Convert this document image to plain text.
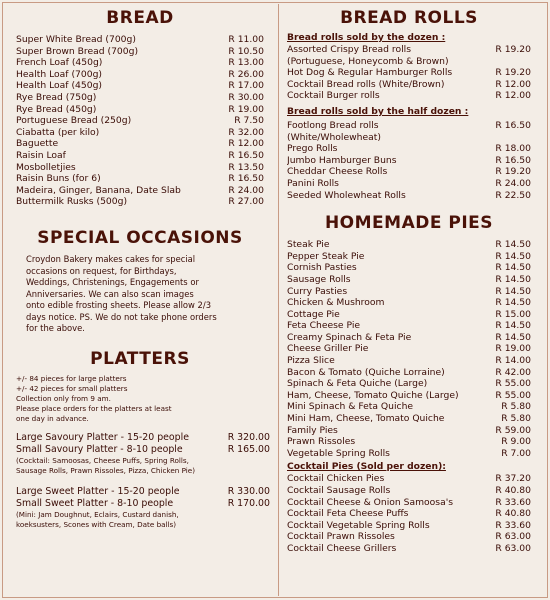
BREAD
Super White Bread (700g)	R 11.00
Super Brown Bread (700g)	R 10.50
French Loaf (450g)	R 13.00
Health Loaf (700g)	R 26.00
Health Loaf (450g)	R 17.00
Rye Bread (750g)	R 30.00
Rye Bread (450g)	R 19.00
Portuguese Bread (250g)	R 7.50
Ciabatta (per kilo)	R 32.00
Baguette	R 12.00
Raisin Loaf	R 16.50
Mosbolletjies	R 13.50
Raisin Buns (for 6)	R 16.50
Madeira, Ginger, Banana, Date Slab	R 24.00
Buttermilk Rusks (500g)	R 27.00
SPECIAL OCCASIONS
Croydon Bakery makes cakes for special
occasions on request, for Birthdays,
Weddings, Christenings, Engagements or
Anniversaries. We can also scan images
onto edible frosting sheets. Please allow 2/3
days notice. PS. We do not take phone orders
for the above.
PLATTERS
+/- 84 pieces for large platters
+/- 42 pieces for small platters
Collection only from 9 am.
Please place orders for the platters at least
one day in advance.
Large Savoury Platter - 15-20 people	R 320.00
Small Savoury Platter - 8-10 people	R 165.00
(Cocktail: Samoosas, Cheese Puffs, Spring Rolls,
Sausage Rolls, Prawn Rissoles, Pizza, Chicken Pie)
Large Sweet Platter - 15-20 people	R 330.00
Small Sweet Platter - 8-10 people	R 170.00
(Mini: Jam Doughnut, Eclairs, Custard danish,
koeksusters, Scones with Cream, Date balls)
BREAD ROLLS
Bread rolls sold by the dozen :
Assorted Crispy Bread rolls	R 19.20
(Portuguese, Honeycomb & Brown)
Hot Dog & Regular Hamburger Rolls	R 19.20
Cocktail Bread rolls (White/Brown)	R 12.00
Cocktail Burger rolls	R 12.00
Bread rolls sold by the half dozen :
Footlong Bread rolls	R 16.50
(White/Wholewheat)
Prego Rolls	R 18.00
Jumbo Hamburger Buns	R 16.50
Cheddar Cheese Rolls	R 19.20
Panini Rolls	R 24.00
Seeded Wholewheat Rolls	R 22.50
HOMEMADE PIES
Steak Pie	R 14.50
Pepper Steak Pie	R 14.50
Cornish Pasties	R 14.50
Sausage Rolls	R 14.50
Curry Pasties	R 14.50
Chicken & Mushroom	R 14.50
Cottage Pie	R 15.00
Feta Cheese Pie	R 14.50
Creamy Spinach & Feta Pie	R 14.50
Cheese Griller Pie	R 19.00
Pizza Slice	R 14.00
Bacon & Tomato (Quiche Lorraine)	R 42.00
Spinach & Feta Quiche (Large)	R 55.00
Ham, Cheese, Tomato Quiche (Large)	R 55.00
Mini Spinach & Feta Quiche	R 5.80
Mini Ham, Cheese, Tomato Quiche	R 5.80
Family Pies	R 59.00
Prawn Rissoles	R 9.00
Vegetable Spring Rolls	R 7.00
Cocktail Pies (Sold per dozen):
Cocktail Chicken Pies	R 37.20
Cocktail Sausage Rolls	R 40.80
Cocktail Cheese & Onion Samoosa's	R 33.60
Cocktail Feta Cheese Puffs	R 40.80
Cocktail Vegetable Spring Rolls	R 33.60
Cocktail Prawn Rissoles	R 63.00
Cocktail Cheese Grillers	R 63.00
